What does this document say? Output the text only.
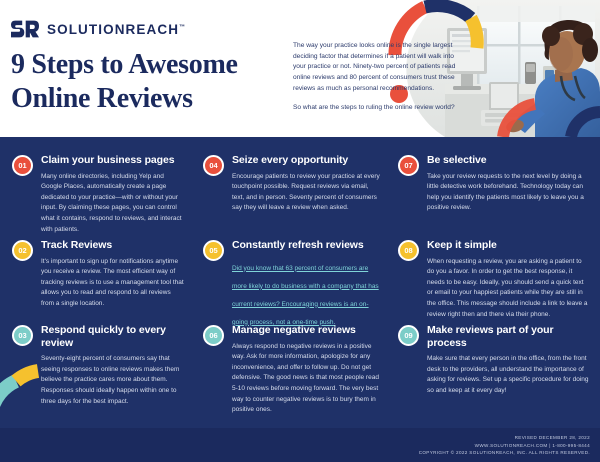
SOLUTIONREACH™
9 Steps to Awesome Online Reviews

The way your practice looks online is the single largest deciding factor that determines if a patient will walk into your practice or not. Ninety-two percent of patients read online reviews and 80 percent of consumers trust these reviews as much as personal recommendations.

So what are the steps to ruling the online review world?

01	Claim your business pages
Many online directories, including Yelp and Google Places, automatically create a page dedicated to your practice—with or without your input. By claiming these pages, you can control what it contains, respond to reviews, and interact with patients.
02	Track Reviews
It's important to sign up for notifications anytime you receive a review. The most efficient way of tracking reviews is to use a management tool that allows you to read and respond to all reviews from a single location.
03	Respond quickly to every review
Seventy-eight percent of consumers say that seeing responses to online reviews makes them believe the practice cares more about them. Responses should ideally happen within one to three days for the best impact.
04	Seize every opportunity
Encourage patients to review your practice at every touchpoint possible. Request reviews via email, text, and in person. Seventy percent of consumers say they will leave a review when asked.
05	Constantly refresh reviews
Did you know that 63 percent of consumers are more likely to do business with a company that has current reviews? Encouraging reviews is an on-going process, not a one-time push.
06	Manage negative reviews
Always respond to negative reviews in a positive way. Ask for more information, apologize for any inconvenience, and offer to follow up. Do not get defensive. The good news is that most people read 5-10 reviews before moving forward. The very best way to counter negative reviews is to bury them in positive ones.
07	Be selective
Take your review requests to the next level by doing a little detective work beforehand. Technology today can help you identify the patients most likely to leave you a positive review.
08	Keep it simple
When requesting a review, you are asking a patient to do you a favor. In order to get the best response, it needs to be easy. Ideally, you should send a quick text or email to your happiest patients while they are still in the office. This message should include a link to leave a review right then and there via their phone.
09	Make reviews part of your process
Make sure that every person in the office, from the front desk to the providers, all understand the importance of asking for reviews. Set up a specific procedure for doing so and keep at it every day!
REVISED DECEMBER 28, 2022
WWW.SOLUTIONREACH.COM | 1-800-995-8444
COPYRIGHT © 2022 SOLUTIONREACH, INC. ALL RIGHTS RESERVED.
